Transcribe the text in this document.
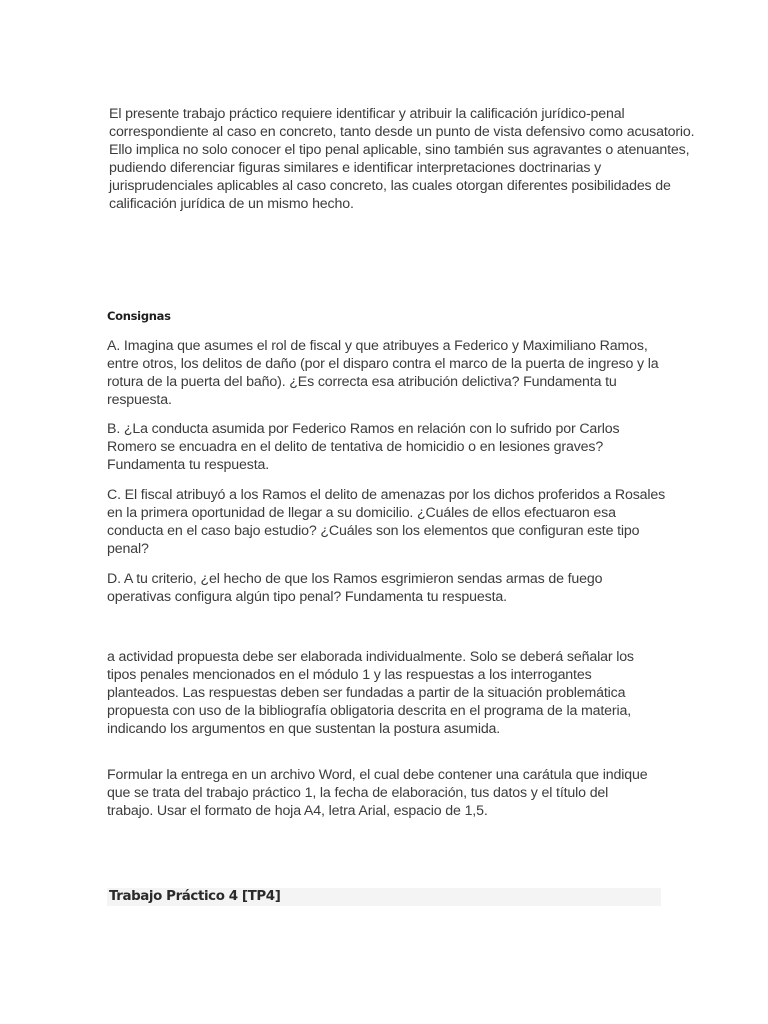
El presente trabajo práctico requiere identificar y atribuir la calificación jurídico-penal correspondiente al caso en concreto, tanto desde un punto de vista defensivo como acusatorio. Ello implica no solo conocer el tipo penal aplicable, sino también sus agravantes o atenuantes, pudiendo diferenciar figuras similares e identificar interpretaciones doctrinarias y jurisprudenciales aplicables al caso concreto, las cuales otorgan diferentes posibilidades de calificación jurídica de un mismo hecho.

Consignas

A. Imagina que asumes el rol de fiscal y que atribuyes a Federico y Maximiliano Ramos, entre otros, los delitos de daño (por el disparo contra el marco de la puerta de ingreso y la rotura de la puerta del baño). ¿Es correcta esa atribución delictiva? Fundamenta tu respuesta.

B. ¿La conducta asumida por Federico Ramos en relación con lo sufrido por Carlos Romero se encuadra en el delito de tentativa de homicidio o en lesiones graves? Fundamenta tu respuesta.

C. El fiscal atribuyó a los Ramos el delito de amenazas por los dichos proferidos a Rosales en la primera oportunidad de llegar a su domicilio. ¿Cuáles de ellos efectuaron esa conducta en el caso bajo estudio? ¿Cuáles son los elementos que configuran este tipo penal?

D. A tu criterio, ¿el hecho de que los Ramos esgrimieron sendas armas de fuego operativas configura algún tipo penal? Fundamenta tu respuesta.

a actividad propuesta debe ser elaborada individualmente. Solo se deberá señalar los tipos penales mencionados en el módulo 1 y las respuestas a los interrogantes planteados. Las respuestas deben ser fundadas a partir de la situación problemática propuesta con uso de la bibliografía obligatoria descrita en el programa de la materia, indicando los argumentos en que sustentan la postura asumida.

Formular la entrega en un archivo Word, el cual debe contener una carátula que indique que se trata del trabajo práctico 1, la fecha de elaboración, tus datos y el título del trabajo. Usar el formato de hoja A4, letra Arial, espacio de 1,5.

Trabajo Práctico 4 [TP4]
